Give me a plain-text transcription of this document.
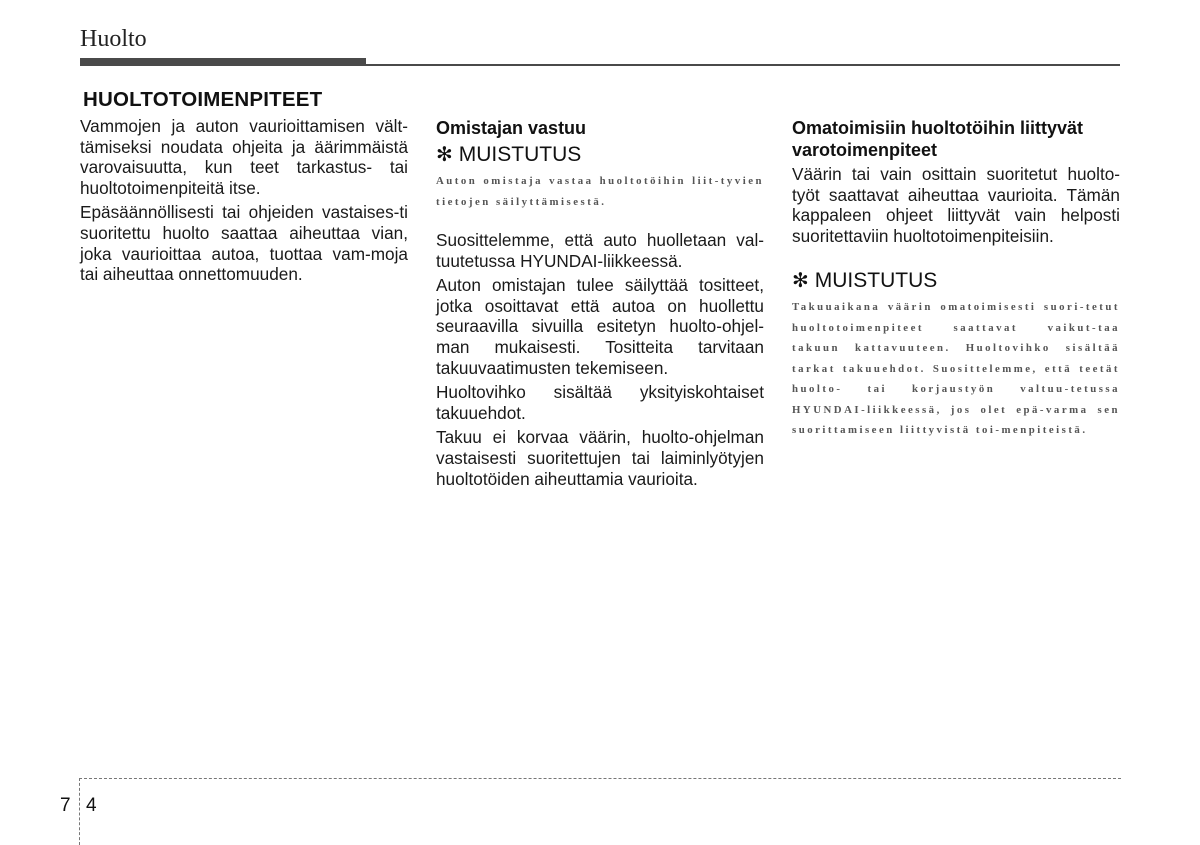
Huolto
HUOLTOTOIMENPITEET

Vammojen ja auton vaurioittamisen vält-tämiseksi noudata ohjeita ja äärimmäistä varovaisuutta, kun teet tarkastus- tai huoltotoimenpiteitä itse.

Epäsäännöllisesti tai ohjeiden vastaises-ti suoritettu huolto saattaa aiheuttaa vian, joka vaurioittaa autoa, tuottaa vam-moja tai aiheuttaa onnettomuuden.

Omistajan vastuu
✻ MUISTUTUS

Auton omistaja vastaa huoltotöihin liit-tyvien tietojen säilyttämisestä.

Suosittelemme, että auto huolletaan val-tuutetussa HYUNDAI-liikkeessä.

Auton omistajan tulee säilyttää tositteet, jotka osoittavat että autoa on huollettu seuraavilla sivuilla esitetyn huolto-ohjel-man mukaisesti. Tositteita tarvitaan takuuvaatimusten tekemiseen.

Huoltovihko sisältää yksityiskohtaiset takuuehdot.

Takuu ei korvaa väärin, huolto-ohjelman vastaisesti suoritettujen tai laiminlyötyjen huoltotöiden aiheuttamia vaurioita.

Omatoimisiin huoltotöihin liittyvät varotoimenpiteet

Väärin tai vain osittain suoritetut huolto-työt saattavat aiheuttaa vaurioita. Tämän kappaleen ohjeet liittyvät vain helposti suoritettaviin huoltotoimenpiteisiin.

✻ MUISTUTUS

Takuuaikana väärin omatoimisesti suori-tetut huoltotoimenpiteet saattavat vaikut-taa takuun kattavuuteen. Huoltovihko sisältää tarkat takuuehdot. Suosittelemme, että teetät huolto- tai korjaustyön valtuu-tetussa HYUNDAI-liikkeessä, jos olet epä-varma sen suorittamiseen liittyvistä toi-menpiteistä.

7 4
